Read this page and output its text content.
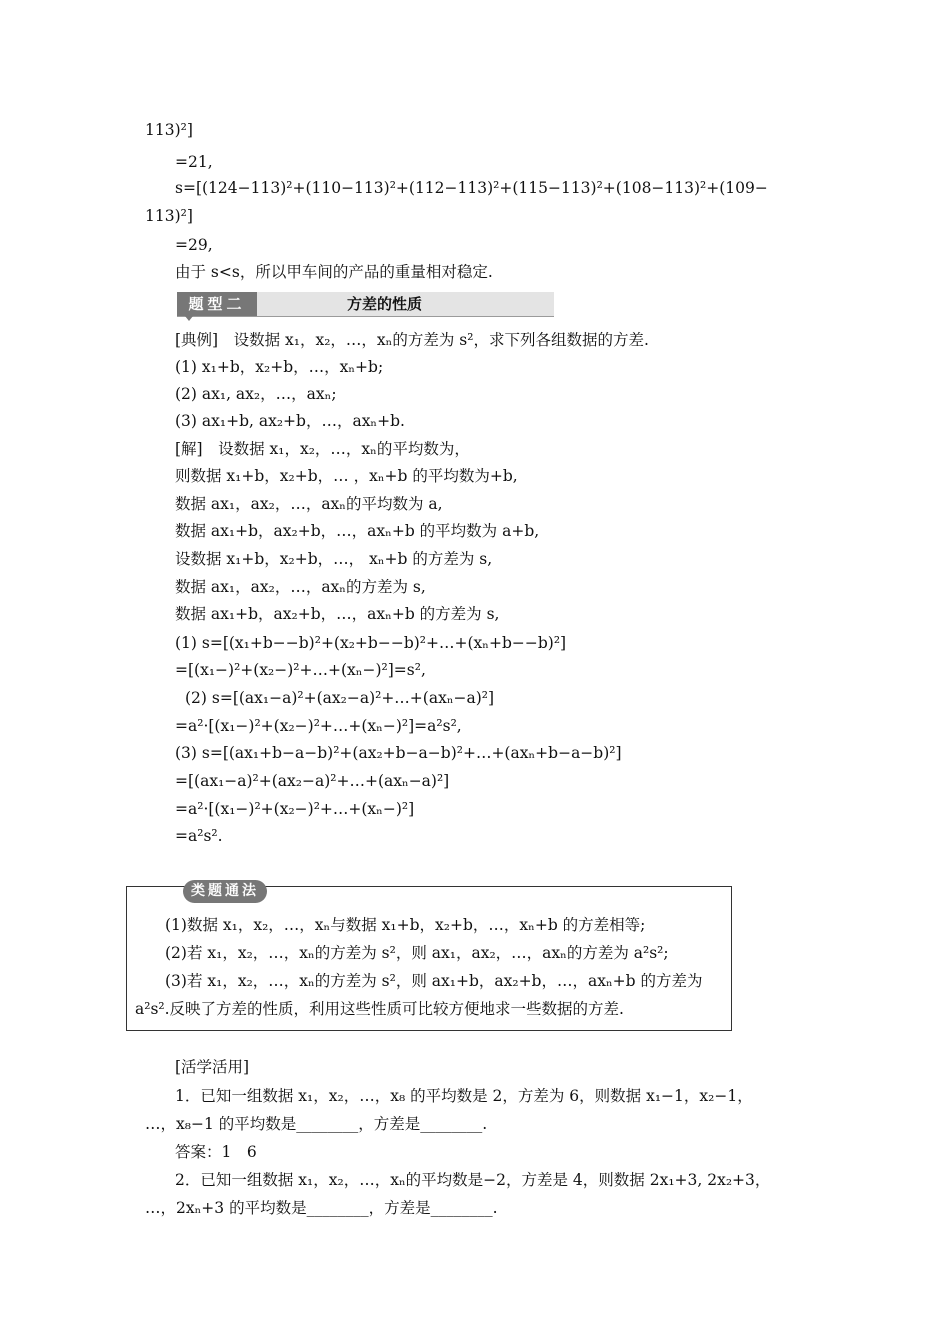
113)²]
=21,
s=[(124−113)²+(110−113)²+(112−113)²+(115−113)²+(108−113)²+(109−
113)²]
=29,
由于 s<s，所以甲车间的产品的重量相对稳定.
题型二	方差的性质
[典例]　设数据 x₁，x₂，…，xₙ的方差为 s²，求下列各组数据的方差.
(1) x₁+b，x₂+b，…，xₙ+b;
(2) ax₁, ax₂，…，axₙ;
(3) ax₁+b, ax₂+b，…，axₙ+b.
[解]　设数据 x₁，x₂，…，xₙ的平均数为，
则数据 x₁+b，x₂+b，… ，xₙ+b 的平均数为+b,
数据 ax₁，ax₂，…，axₙ的平均数为 a,
数据 ax₁+b，ax₂+b，…，axₙ+b 的平均数为 a+b,
设数据 x₁+b，x₂+b，…， xₙ+b 的方差为 s,
数据 ax₁，ax₂，…，axₙ的方差为 s,
数据 ax₁+b，ax₂+b，…，axₙ+b 的方差为 s,
(1) s=[(x₁+b−−b)²+(x₂+b−−b)²+…+(xₙ+b−−b)²]
=[(x₁−)²+(x₂−)²+…+(xₙ−)²]=s²,
(2) s=[(ax₁−a)²+(ax₂−a)²+…+(axₙ−a)²]
=a²·[(x₁−)²+(x₂−)²+…+(xₙ−)²]=a²s²,
(3) s=[(ax₁+b−a−b)²+(ax₂+b−a−b)²+…+(axₙ+b−a−b)²]
=[(ax₁−a)²+(ax₂−a)²+…+(axₙ−a)²]
=a²·[(x₁−)²+(x₂−)²+…+(xₙ−)²]
=a²s².
类题通法
(1)数据 x₁，x₂，…，xₙ与数据 x₁+b，x₂+b，…，xₙ+b 的方差相等;
(2)若 x₁，x₂，…，xₙ的方差为 s²，则 ax₁，ax₂，…，axₙ的方差为 a²s²;
(3)若 x₁，x₂，…，xₙ的方差为 s²，则 ax₁+b，ax₂+b，…，axₙ+b 的方差为
a²s².反映了方差的性质，利用这些性质可比较方便地求一些数据的方差.
[活学活用]
1．已知一组数据 x₁，x₂，…，x₈ 的平均数是 2，方差为 6，则数据 x₁−1，x₂−1，
…，x₈−1 的平均数是________，方差是________.
答案：1　6
2．已知一组数据 x₁，x₂，…，xₙ的平均数是−2，方差是 4，则数据 2x₁+3, 2x₂+3，
…，2xₙ+3 的平均数是________，方差是________.
